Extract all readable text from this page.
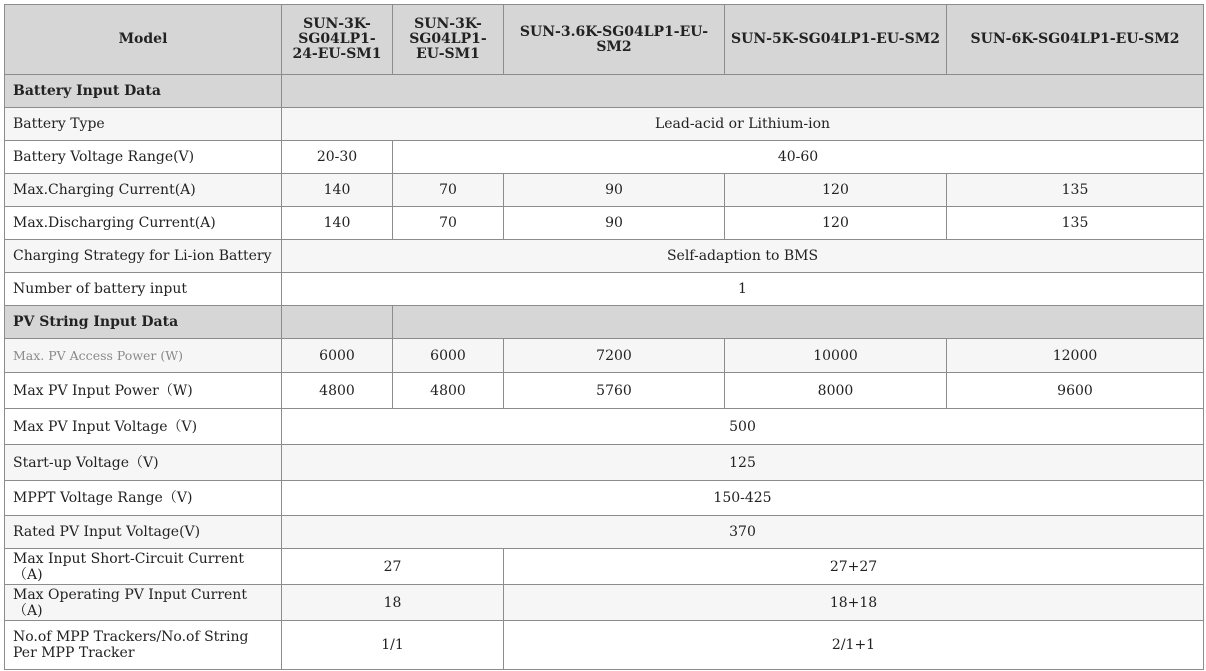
Model	SUN-3K-SG04LP1-24-EU-SM1	SUN-3K-SG04LP1-EU-SM1	SUN-3.6K-SG04LP1-EU-SM2	SUN-5K-SG04LP1-EU-SM2	SUN-6K-SG04LP1-EU-SM2
Battery Input Data					
Battery Type	Lead-acid or Lithium-ion				
Battery Voltage Range(V)	20-30	40-60			
Max.Charging Current(A)	140	70	90	120	135
Max.Discharging Current(A)	140	70	90	120	135
Charging Strategy for Li-ion Battery	Self-adaption to BMS				
Number of battery input	1				
PV String Input Data					
Max. PV Access Power (W)	6000	6000	7200	10000	12000
Max PV Input Power（W)	4800	4800	5760	8000	9600
Max PV Input Voltage（V)	500				
Start-up Voltage（V)	125				
MPPT Voltage Range（V)	150-425				
Rated PV Input Voltage(V)	370				
Max Input Short-Circuit Current（A)	27		27+27		
Max Operating PV Input Current（A)	18		18+18		
No.of MPP Trackers/No.of String Per MPP Tracker	1/1		2/1+1		
